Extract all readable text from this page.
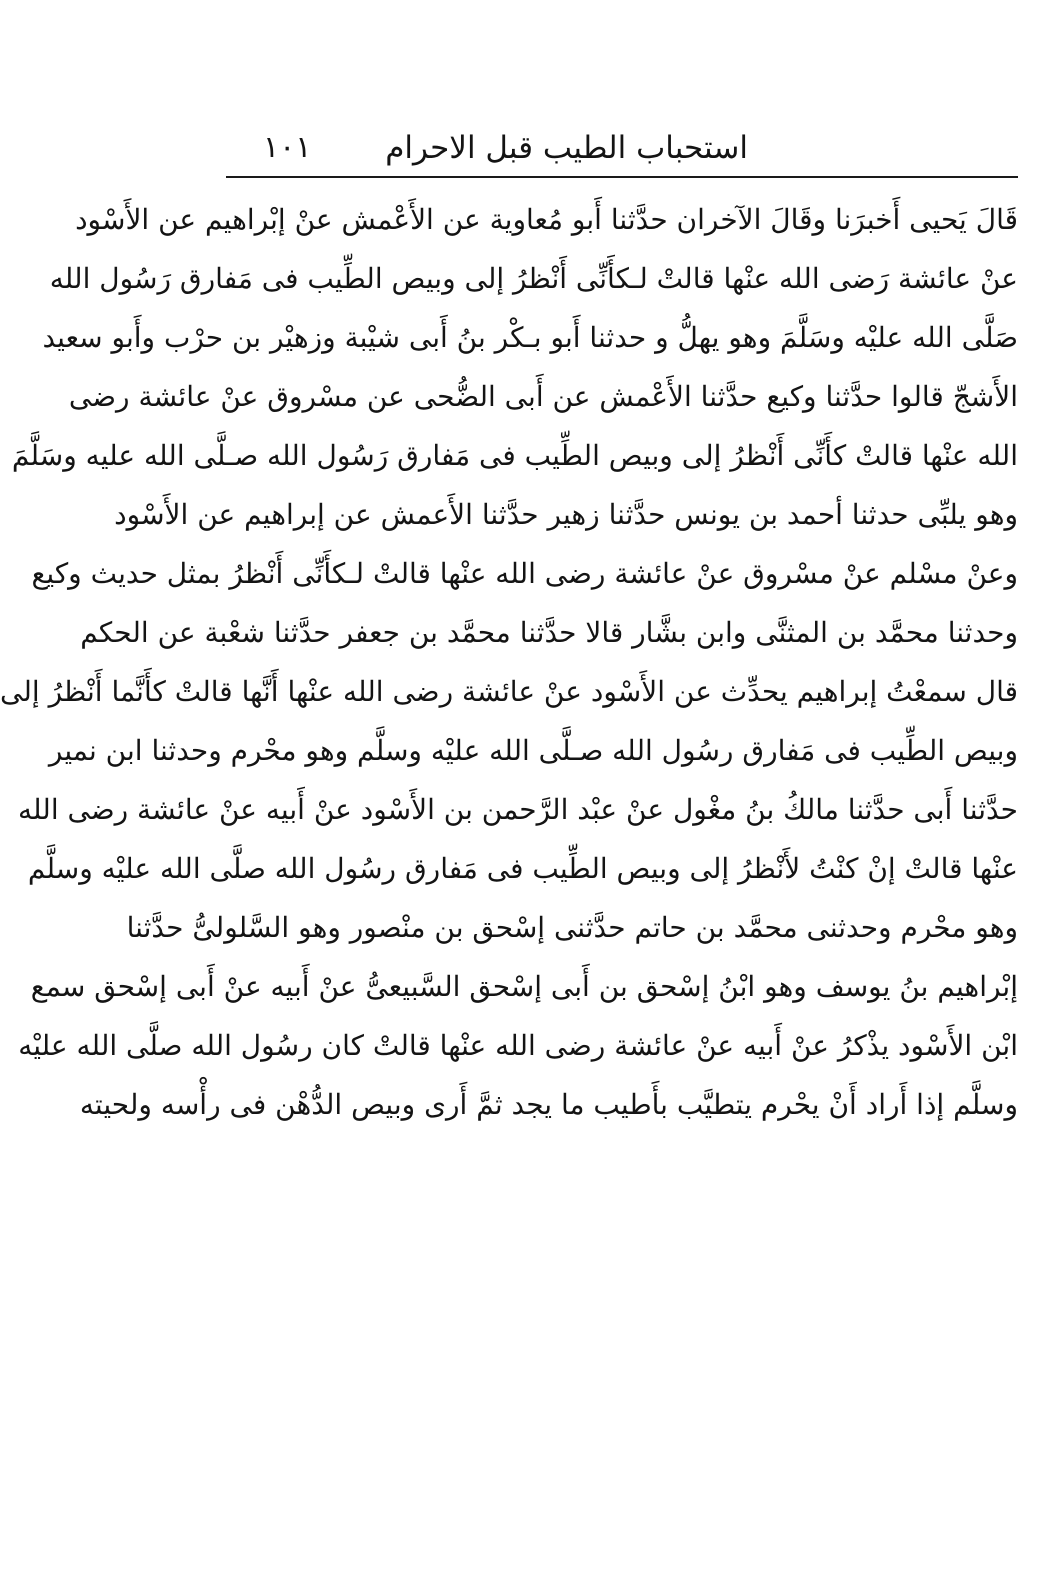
استحباب الطيب قبل الاحرام
١٠١
قَالَ يَحيى أَخبرَنا وقَالَ الآخران حدَّثنا أَبو مُعاوية عن الأَعْمش عنْ إبْراهيم عن الأَسْود
عنْ عائشة رَضى الله عنْها قالتْ لـكأَنِّى أَنْظرُ إلى وبيص الطِّيب فى مَفارق رَسُول الله
صَلَّى الله عليْه وسَلَّمَ وهو يهلُّ و حدثنا أَبو بـكْر بنُ أَبى شيْبة وزهيْر بن حرْب وأَبو سعيد
الأَشجّ قالوا حدَّثنا وكيع حدَّثنا الأَعْمش عن أَبى الضُّحى عن مسْروق عنْ عائشة رضى
الله عنْها قالتْ كأَنِّى أَنْظرُ إلى وبيص الطِّيب فى مَفارق رَسُول الله صـلَّى الله عليه وسَلَّمَ
وهو يلبِّى حدثنا أحمد بن يونس حدَّثنا زهير حدَّثنا الأَعمش عن إبراهيم عن الأَسْود
وعنْ مسْلم عنْ مسْروق عنْ عائشة رضى الله عنْها قالتْ لـكأَنِّى أَنْظرُ بمثل حديث وكيع
وحدثنا محمَّد بن المثنَّى وابن بشَّار قالا حدَّثنا محمَّد بن جعفر حدَّثنا شعْبة عن الحكم
قال سمعْتُ إبراهيم يحدِّث عن الأَسْود عنْ عائشة رضى الله عنْها أَنَّها قالتْ كأَنَّما أَنْظرُ إلى
وبيص الطِّيب فى مَفارق رسُول الله صـلَّى الله عليْه وسلَّم وهو محْرم وحدثنا ابن نمير
حدَّثنا أَبى حدَّثنا مالكُ بنُ مغْول عنْ عبْد الرَّحمن بن الأَسْود عنْ أَبيه عنْ عائشة رضى الله
عنْها قالتْ إنْ كنْتُ لأَنْظرُ إلى وبيص الطِّيب فى مَفارق رسُول الله صلَّى الله عليْه وسلَّم
وهو محْرم وحدثنى محمَّد بن حاتم حدَّثنى إسْحق بن منْصور وهو السَّلولىُّ حدَّثنا
إبْراهيم بنُ يوسف وهو ابْنُ إسْحق بن أَبى إسْحق السَّبيعىُّ عنْ أَبيه عنْ أَبى إسْحق سمع
ابْن الأَسْود يذْكرُ عنْ أَبيه عنْ عائشة رضى الله عنْها قالتْ كان رسُول الله صلَّى الله عليْه
وسلَّم إذا أَراد أَنْ يحْرم يتطيَّب بأَطيب ما يجد ثمَّ أَرى وبيص الدُّهْن فى رأْسه ولحيته
